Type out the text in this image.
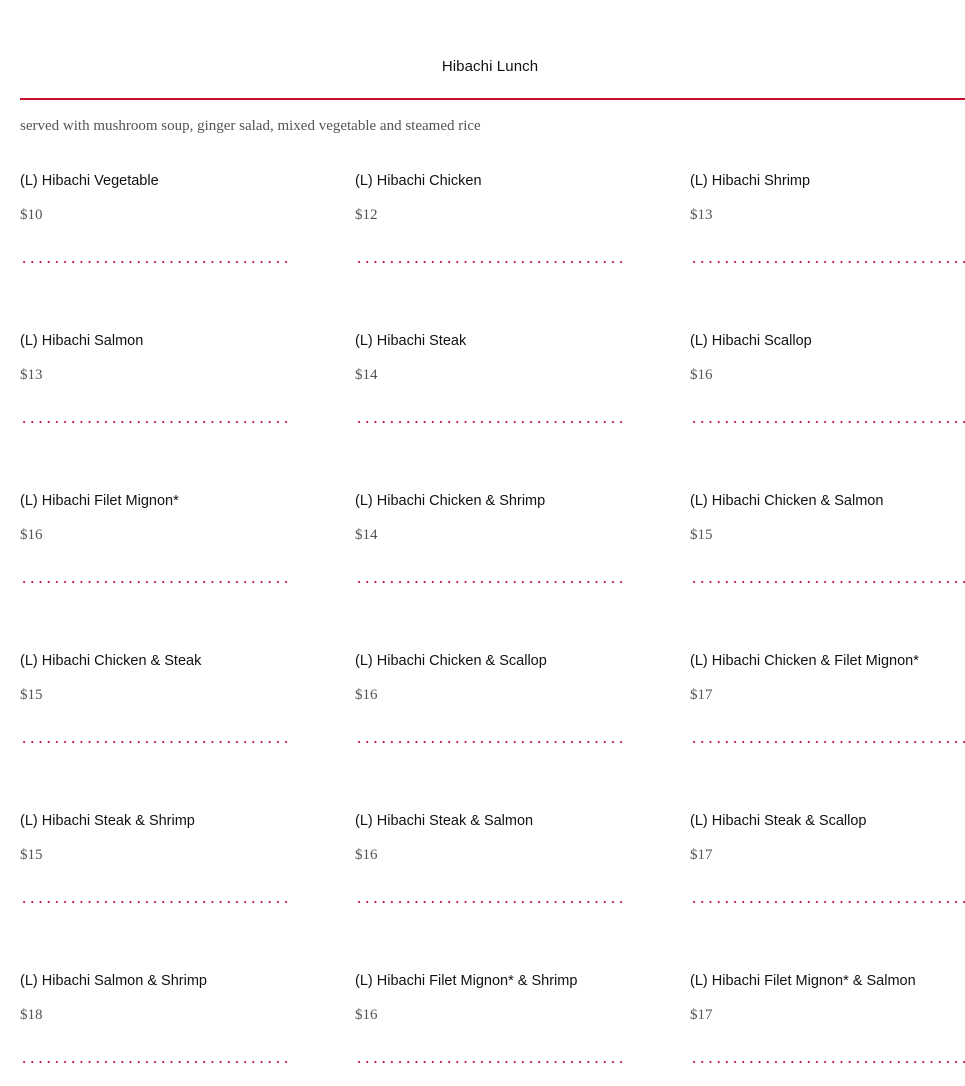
Hibachi Lunch
served with mushroom soup, ginger salad, mixed vegetable and steamed rice
(L) Hibachi Vegetable
$10
(L) Hibachi Chicken
$12
(L) Hibachi Shrimp
$13
(L) Hibachi Salmon
$13
(L) Hibachi Steak
$14
(L) Hibachi Scallop
$16
(L) Hibachi Filet Mignon*
$16
(L) Hibachi Chicken & Shrimp
$14
(L) Hibachi Chicken & Salmon
$15
(L) Hibachi Chicken & Steak
$15
(L) Hibachi Chicken & Scallop
$16
(L) Hibachi Chicken & Filet Mignon*
$17
(L) Hibachi Steak & Shrimp
$15
(L) Hibachi Steak & Salmon
$16
(L) Hibachi Steak & Scallop
$17
(L) Hibachi Salmon & Shrimp
$18
(L) Hibachi Filet Mignon* & Shrimp
$16
(L) Hibachi Filet Mignon* & Salmon
$17
